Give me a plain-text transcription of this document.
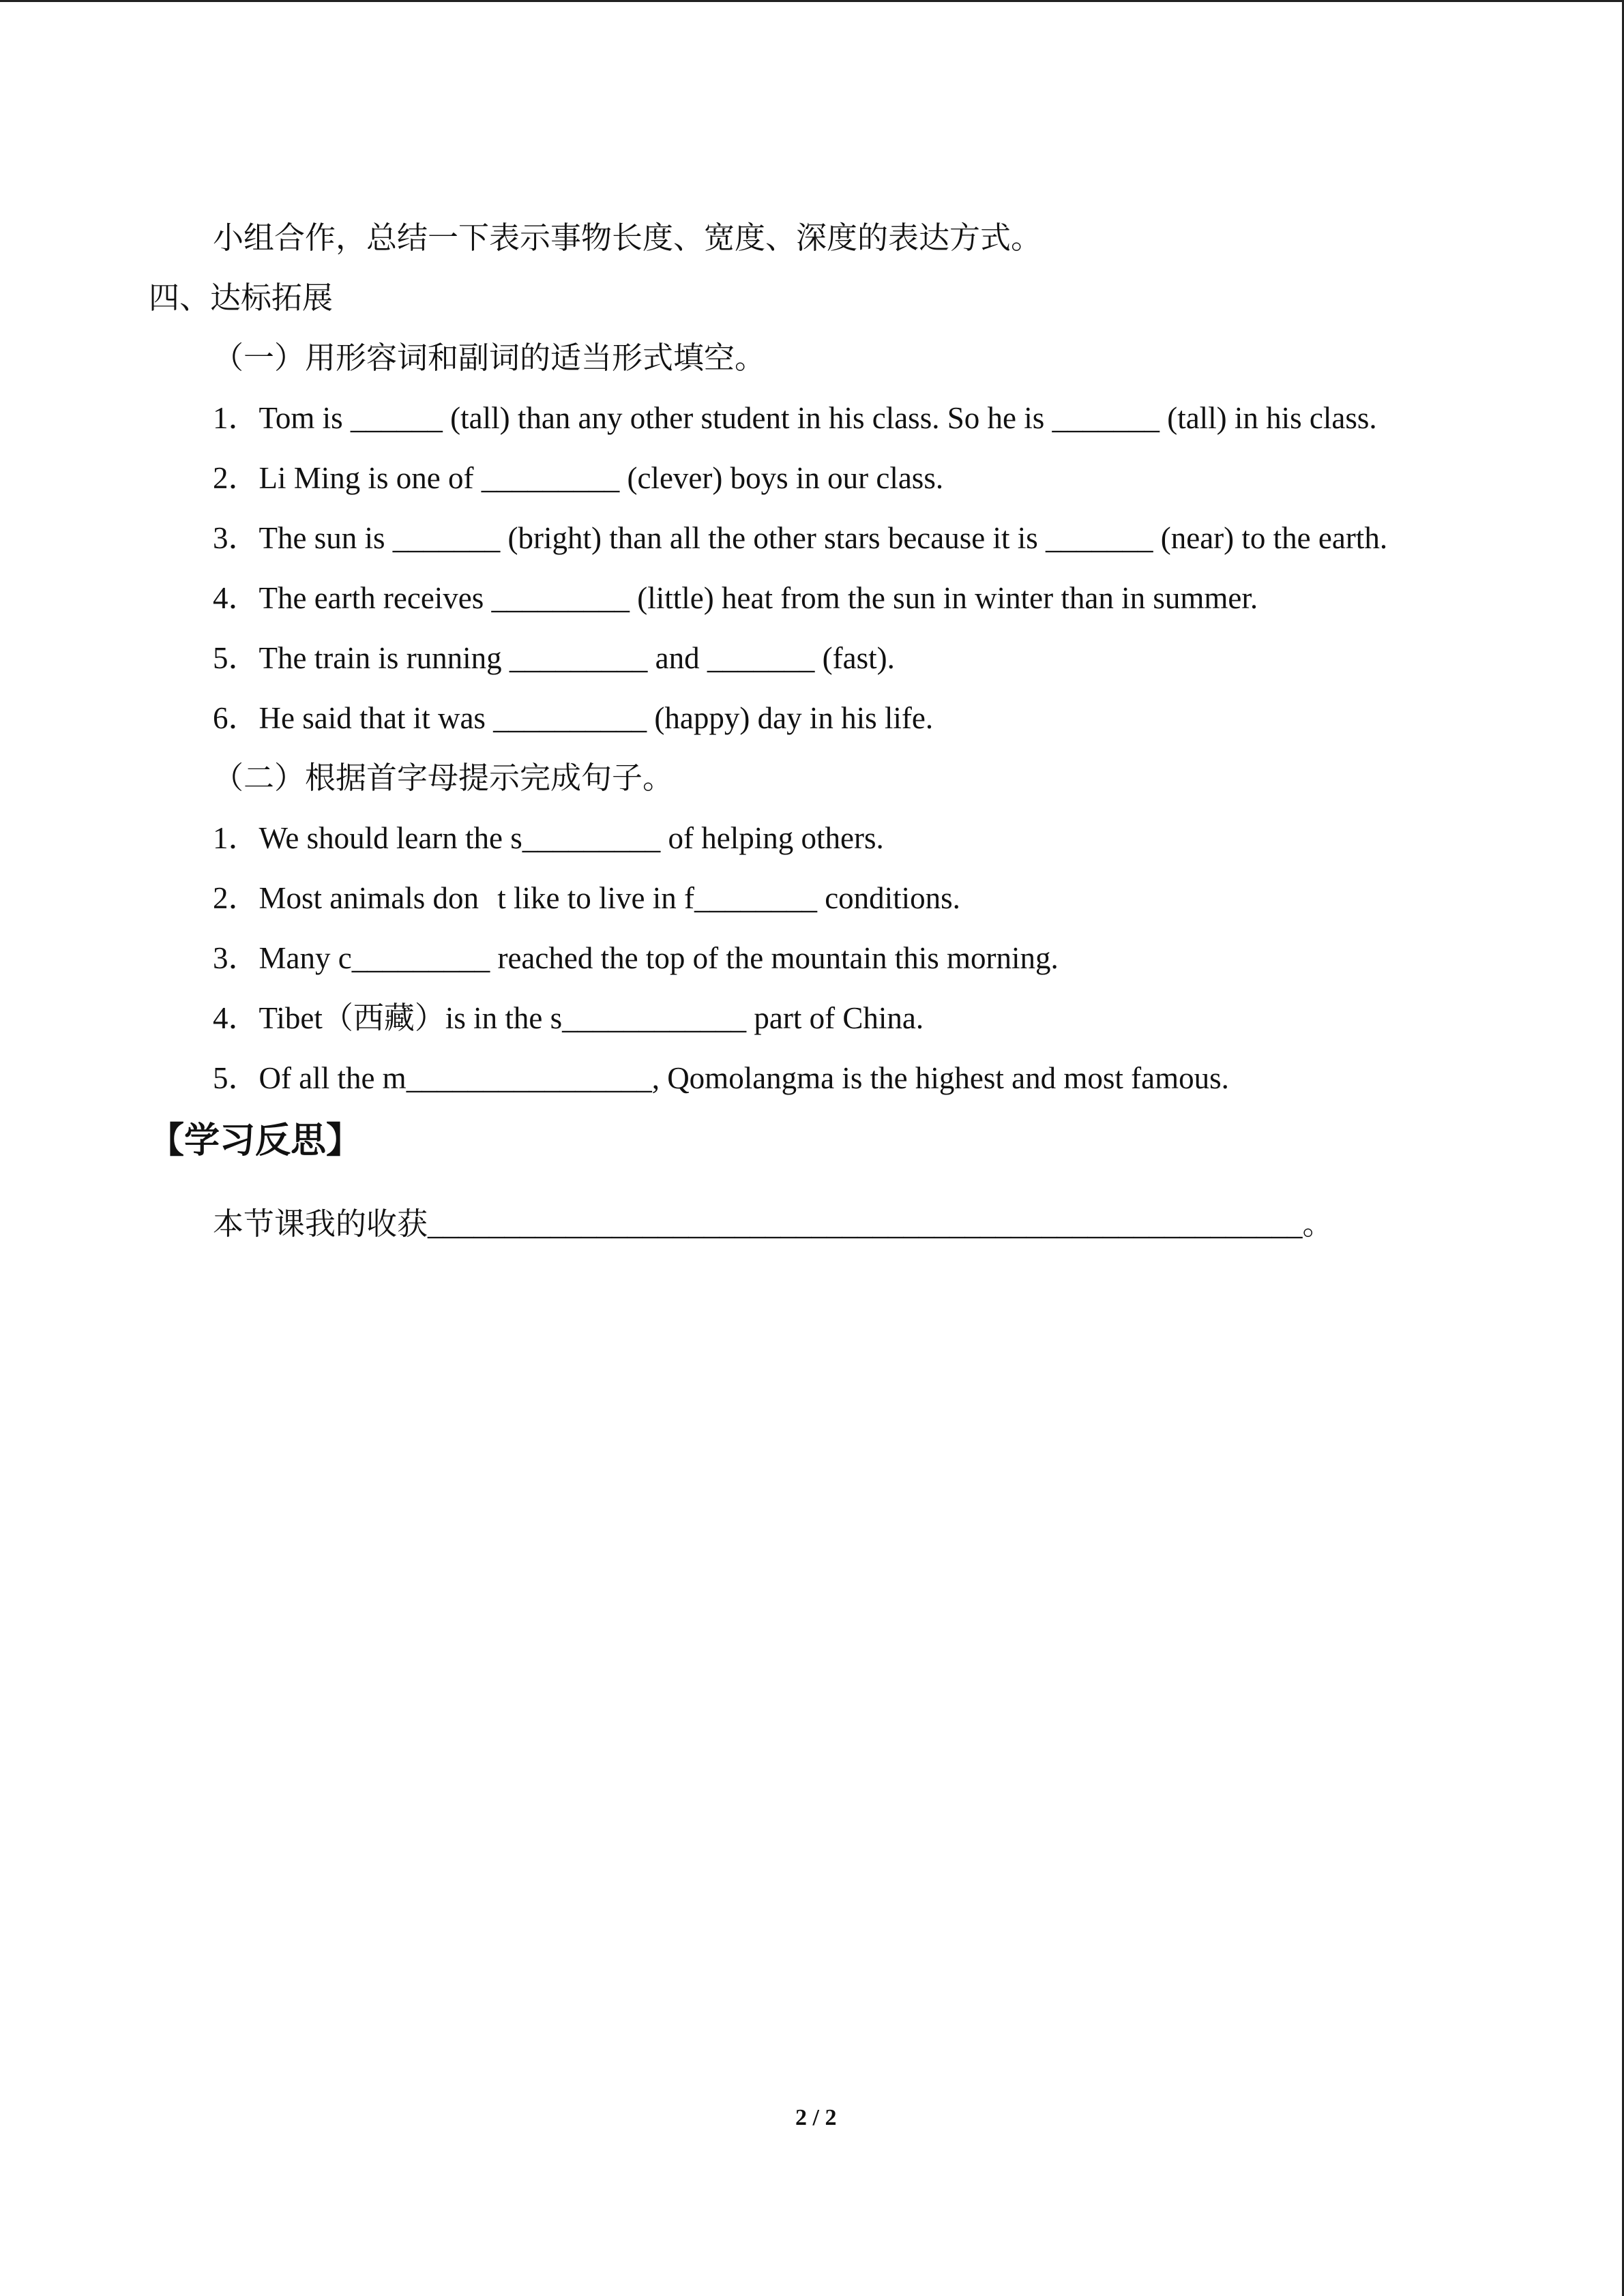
小组合作，总结一下表示事物长度、宽度、深度的表达方式。
四、达标拓展
（一）用形容词和副词的适当形式填空。
1．Tom is ______ (tall) than any other student in his class. So he is _______ (tall) in his class.
2．Li Ming is one of _________ (clever) boys in our class.
3．The sun is _______ (bright) than all the other stars because it is _______ (near) to the earth.
4．The earth receives _________ (little) heat from the sun in winter than in summer.
5．The train is running _________ and _______ (fast).
6．He said that it was __________ (happy) day in his life.
（二）根据首字母提示完成句子。
1．We should learn the s_________ of helping others.
2．Most animals dont like to live in f________ conditions.
3．Many c_________ reached the top of the mountain this morning.
4．Tibet（西藏）is in the s____________ part of China.
5．Of all the m________________, Qomolangma is the highest and most famous.
【学习反思】
本节课我的收获_________________________________________________________。
2 / 2
